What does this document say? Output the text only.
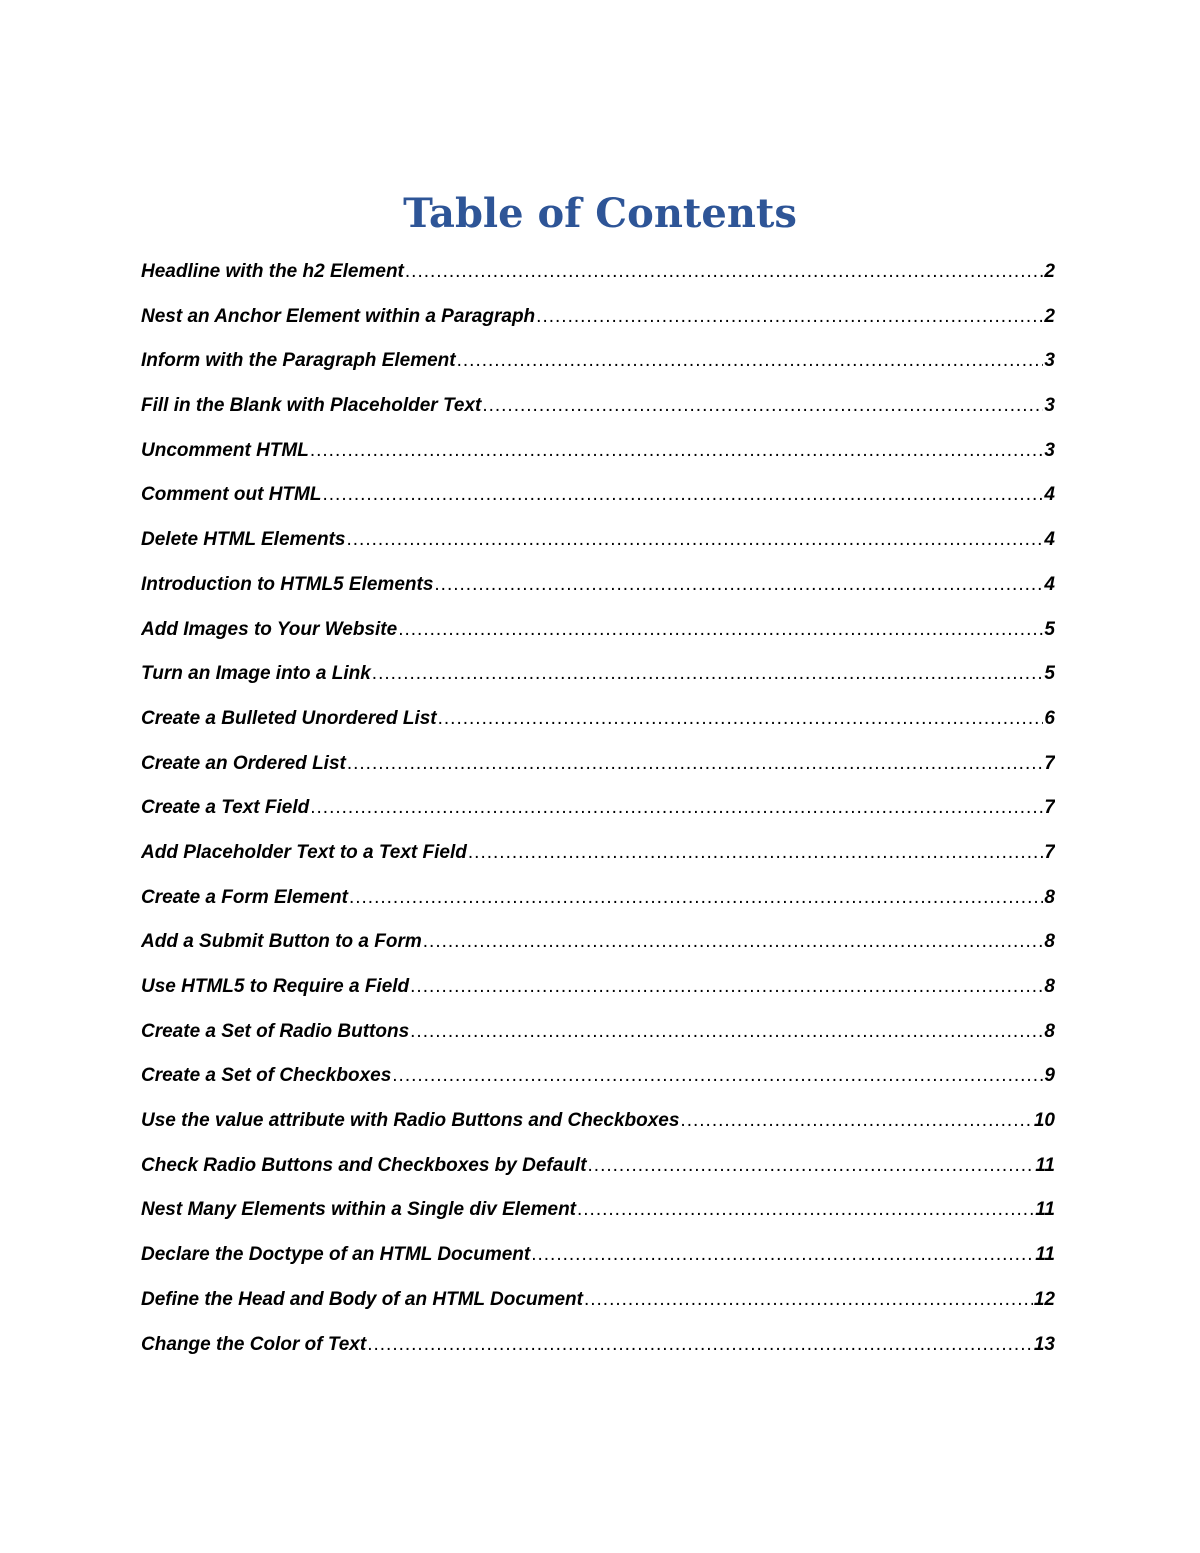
Table of Contents
Headline with the h2 Element .....	2
Nest an Anchor Element within a Paragraph .....	2
Inform with the Paragraph Element .....	3
Fill in the Blank with Placeholder Text .....	3
Uncomment HTML .....	3
Comment out HTML .....	4
Delete HTML Elements .....	4
Introduction to HTML5 Elements .....	4
Add Images to Your Website .....	5
Turn an Image into a Link .....	5
Create a Bulleted Unordered List .....	6
Create an Ordered List .....	7
Create a Text Field .....	7
Add Placeholder Text to a Text Field .....	7
Create a Form Element .....	8
Add a Submit Button to a Form .....	8
Use HTML5 to Require a Field .....	8
Create a Set of Radio Buttons .....	8
Create a Set of Checkboxes .....	9
Use the value attribute with Radio Buttons and Checkboxes .....	10
Check Radio Buttons and Checkboxes by Default .....	11
Nest Many Elements within a Single div Element .....	11
Declare the Doctype of an HTML Document .....	11
Define the Head and Body of an HTML Document .....	12
Change the Color of Text .....	13
